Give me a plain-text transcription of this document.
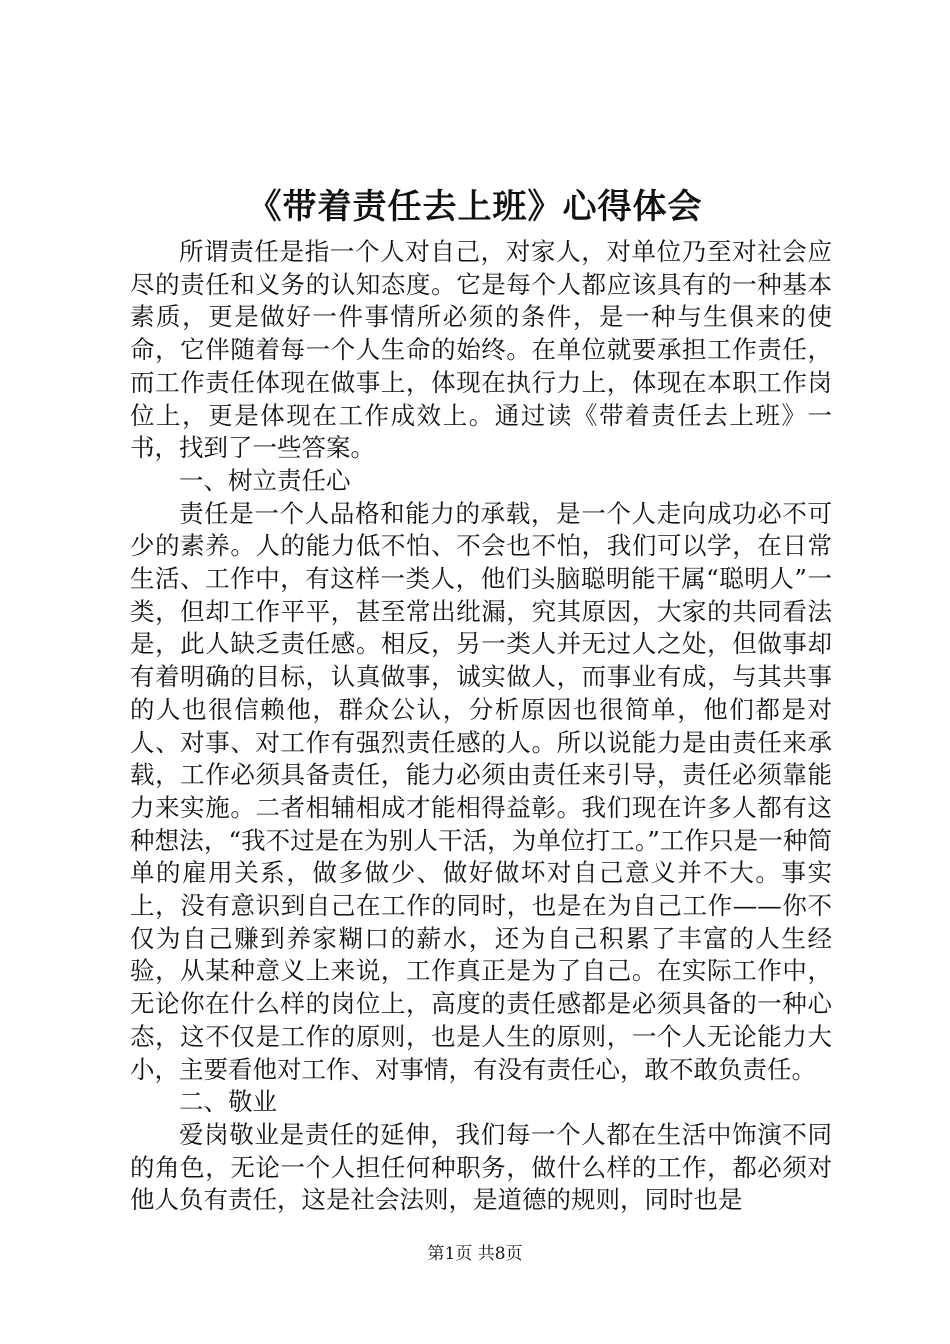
《带着责任去上班》心得体会

所谓责任是指一个人对自己，对家人，对单位乃至对社会应尽的责任和义务的认知态度。它是每个人都应该具有的一种基本素质，更是做好一件事情所必须的条件，是一种与生俱来的使命，它伴随着每一个人生命的始终。在单位就要承担工作责任，而工作责任体现在做事上，体现在执行力上，体现在本职工作岗位上，更是体现在工作成效上。通过读《带着责任去上班》一书，找到了一些答案。

一、树立责任心

责任是一个人品格和能力的承载，是一个人走向成功必不可少的素养。人的能力低不怕、不会也不怕，我们可以学，在日常生活、工作中，有这样一类人，他们头脑聪明能干属“聪明人”一类，但却工作平平，甚至常出纰漏，究其原因，大家的共同看法是，此人缺乏责任感。相反，另一类人并无过人之处，但做事却有着明确的目标，认真做事，诚实做人，而事业有成，与其共事的人也很信赖他，群众公认，分析原因也很简单，他们都是对人、对事、对工作有强烈责任感的人。所以说能力是由责任来承载，工作必须具备责任，能力必须由责任来引导，责任必须靠能力来实施。二者相辅相成才能相得益彰。我们现在许多人都有这种想法，“我不过是在为别人干活，为单位打工。”工作只是一种简单的雇用关系，做多做少、做好做坏对自己意义并不大。事实上，没有意识到自己在工作的同时，也是在为自己工作——你不仅为自己赚到养家糊口的薪水，还为自己积累了丰富的人生经验，从某种意义上来说，工作真正是为了自己。在实际工作中，无论你在什么样的岗位上，高度的责任感都是必须具备的一种心态，这不仅是工作的原则，也是人生的原则，一个人无论能力大小，主要看他对工作、对事情，有没有责任心，敢不敢负责任。

二、敬业

爱岗敬业是责任的延伸，我们每一个人都在生活中饰演不同的角色，无论一个人担任何种职务，做什么样的工作，都必须对他人负有责任，这是社会法则，是道德的规则，同时也是

第1页 共8页
